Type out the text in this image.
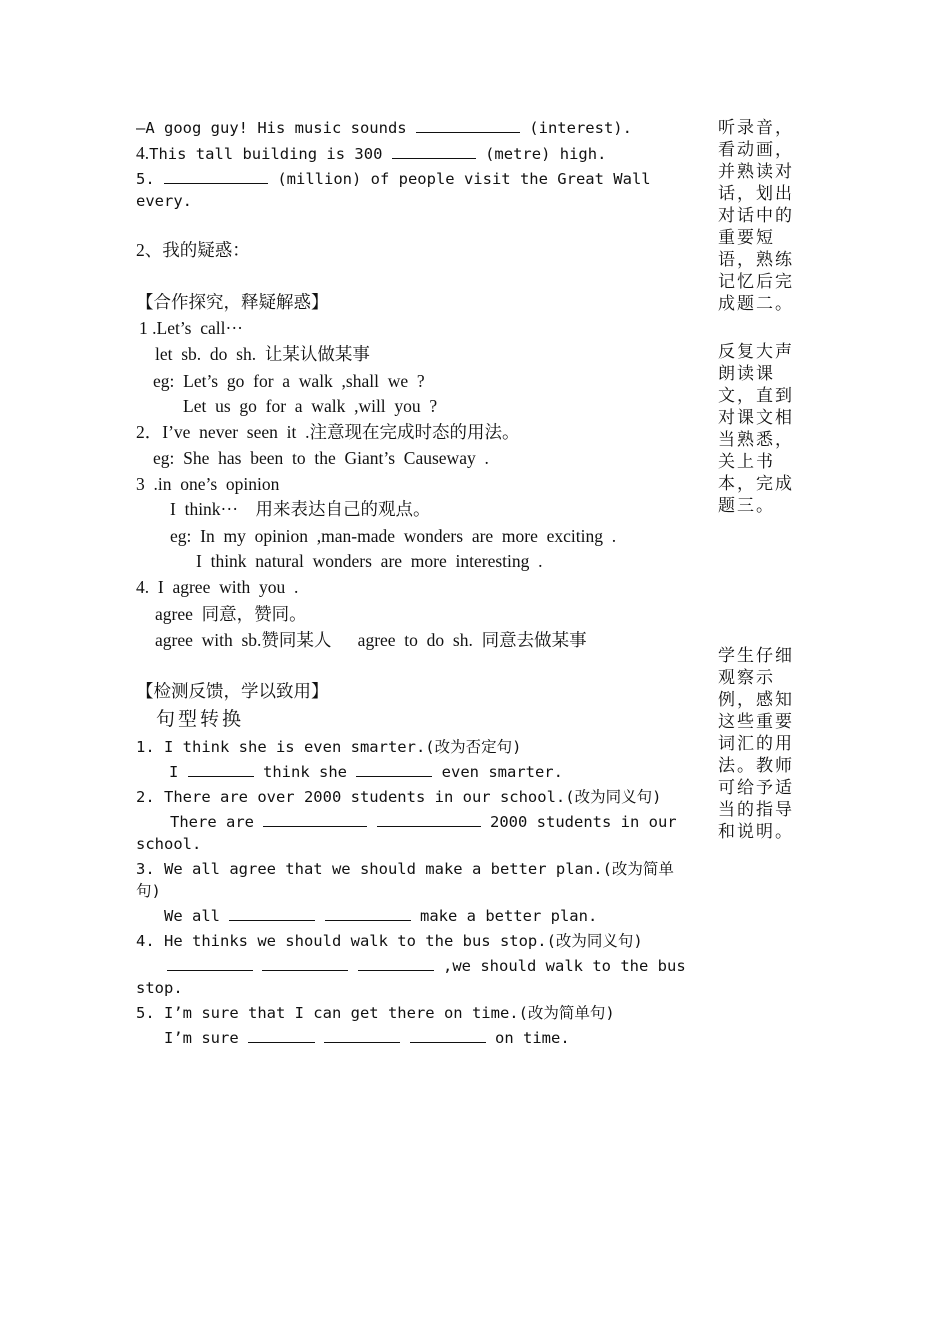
—A goog guy! His music sounds	(interest).
4.This tall building is 300	(metre) high.
5.	(million) of people visit the Great Wall
every.
2、我的疑惑：
【合作探究，释疑解惑】
1 .Let’s  call···
let  sb.  do  sh.  让某认做某事
eg:  Let’s  go  for  a  walk  ,shall  we  ?
Let  us  go  for  a  walk  ,will  you  ?
2．I’ve  never  seen  it  .注意现在完成时态的用法。
eg:  She  has  been  to  the  Giant’s  Causeway  .
3  .in  one’s  opinion
I  think···    用来表达自己的观点。
eg:  In  my  opinion  ,man-made  wonders  are  more  exciting  .
I  think  natural  wonders  are  more  interesting  .
4.  I  agree  with  you  .
agree  同意，赞同。
agree  with  sb.赞同某人      agree  to  do  sh.  同意去做某事
【检测反馈，学以致用】
句型转换
1. I think she is even smarter.(改为否定句)
I	think she	even smarter.
2. There are over 2000 students in our school.(改为同义句)
There are	2000 students in our
school.
3. We all agree that we should make a better plan.(改为简单
句)
We all	make a better plan.
4. He thinks we should walk to the bus stop.(改为同义句)
,we should walk to the bus
stop.
5. I’m sure that I can get there on time.(改为简单句)
I’m sure	on time.
听录音，看动画，并熟读对话，划出对话中的重要短语，熟练记忆后完成题二。
反复大声朗读课文，直到对课文相当熟悉，关上书本，完成题三。
学生仔细观察示例，感知这些重要词汇的用法。教师可给予适当的指导和说明。
